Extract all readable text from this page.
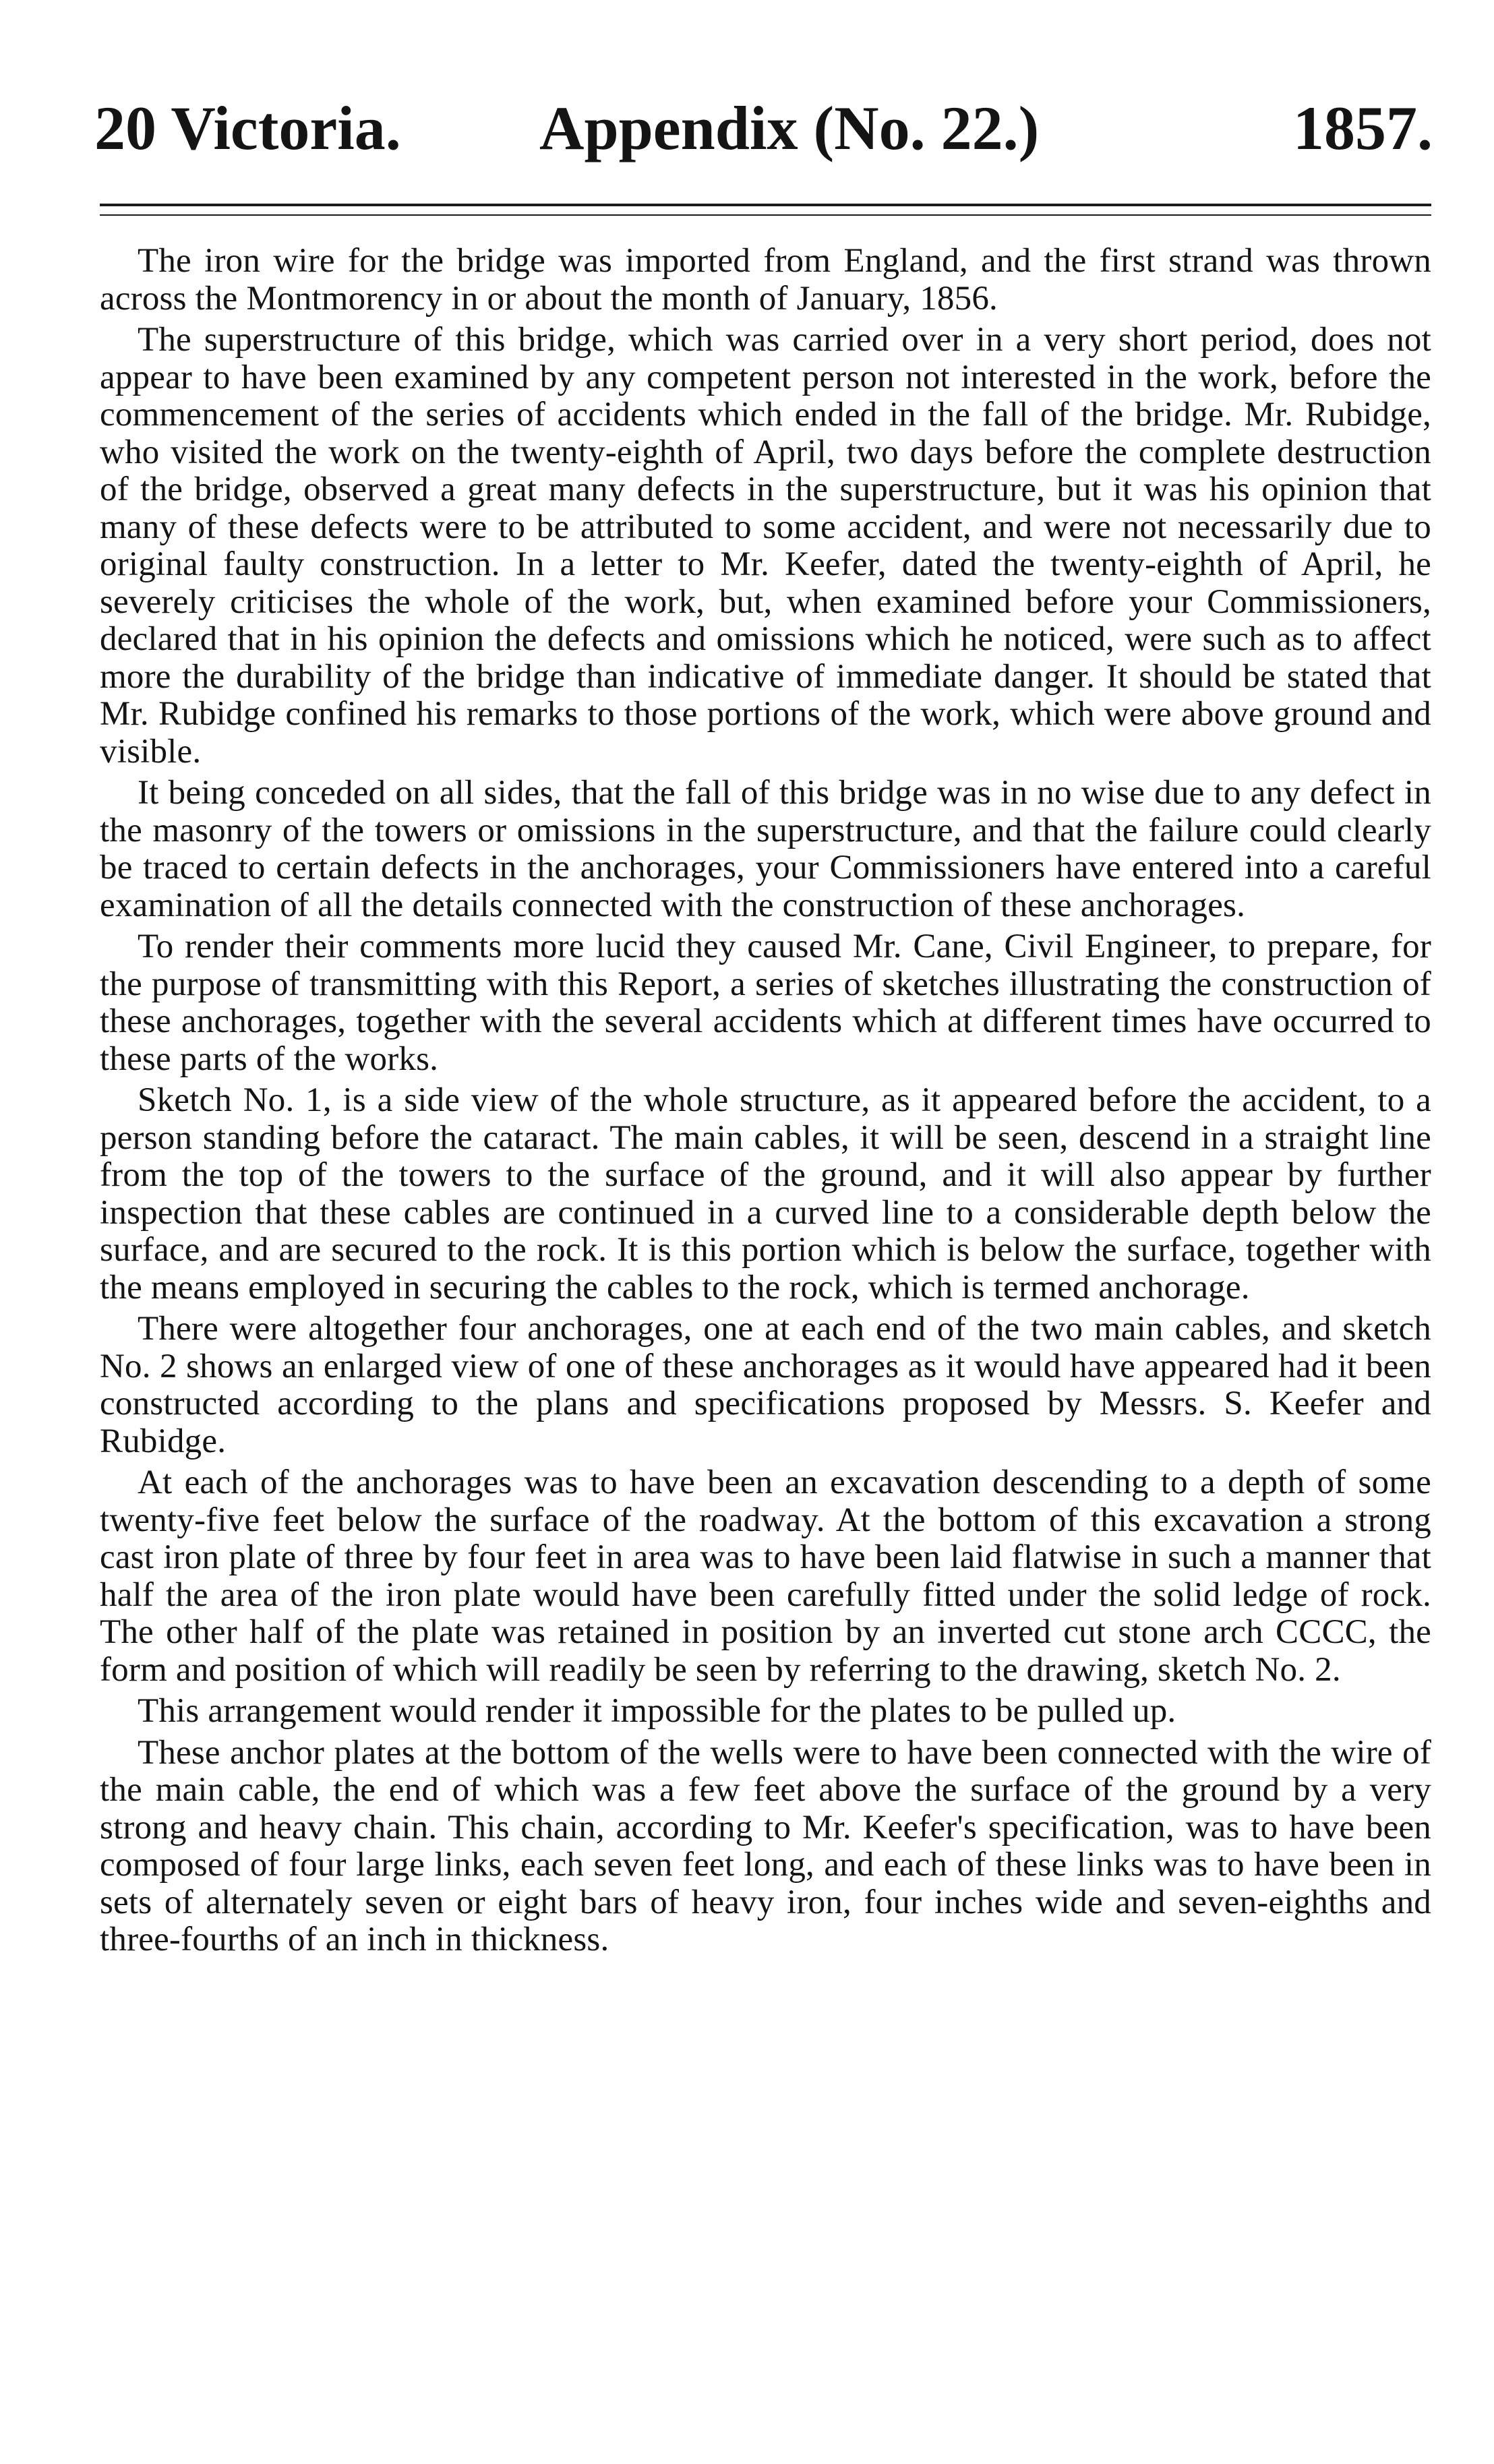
20 Victoria. Appendix (No. 22.)	1857.

The iron wire for the bridge was imported from England, and the first strand was thrown across the Montmorency in or about the month of January, 1856.

The superstructure of this bridge, which was carried over in a very short period, does not appear to have been examined by any competent person not interested in the work, before the commencement of the series of accidents which ended in the fall of the bridge. Mr. Rubidge, who visited the work on the twenty-eighth of April, two days before the complete destruction of the bridge, observed a great many defects in the superstructure, but it was his opinion that many of these defects were to be attributed to some accident, and were not necessarily due to original faulty construction. In a letter to Mr. Keefer, dated the twenty-eighth of April, he severely criticises the whole of the work, but, when examined before your Commissioners, declared that in his opinion the defects and omissions which he noticed, were such as to affect more the durability of the bridge than indicative of immediate danger. It should be stated that Mr. Rubidge confined his remarks to those portions of the work, which were above ground and visible.

It being conceded on all sides, that the fall of this bridge was in no wise due to any defect in the masonry of the towers or omissions in the superstructure, and that the failure could clearly be traced to certain defects in the anchorages, your Commissioners have entered into a careful examination of all the details connected with the construction of these anchorages.

To render their comments more lucid they caused Mr. Cane, Civil Engineer, to prepare, for the purpose of transmitting with this Report, a series of sketches illustrating the construction of these anchorages, together with the several accidents which at different times have occurred to these parts of the works.

Sketch No. 1, is a side view of the whole structure, as it appeared before the accident, to a person standing before the cataract. The main cables, it will be seen, descend in a straight line from the top of the towers to the surface of the ground, and it will also appear by further inspection that these cables are continued in a curved line to a considerable depth below the surface, and are secured to the rock. It is this portion which is below the surface, together with the means employed in securing the cables to the rock, which is termed anchorage.

There were altogether four anchorages, one at each end of the two main cables, and sketch No. 2 shows an enlarged view of one of these anchorages as it would have appeared had it been constructed according to the plans and specifications proposed by Messrs. S. Keefer and Rubidge.

At each of the anchorages was to have been an excavation descending to a depth of some twenty-five feet below the surface of the roadway. At the bottom of this excavation a strong cast iron plate of three by four feet in area was to have been laid flatwise in such a manner that half the area of the iron plate would have been carefully fitted under the solid ledge of rock. The other half of the plate was retained in position by an inverted cut stone arch CCCC, the form and position of which will readily be seen by referring to the drawing, sketch No. 2.

This arrangement would render it impossible for the plates to be pulled up.

These anchor plates at the bottom of the wells were to have been connected with the wire of the main cable, the end of which was a few feet above the surface of the ground by a very strong and heavy chain. This chain, according to Mr. Keefer's specification, was to have been composed of four large links, each seven feet long, and each of these links was to have been in sets of alternately seven or eight bars of heavy iron, four inches wide and seven-eighths and three-fourths of an inch in thickness.
